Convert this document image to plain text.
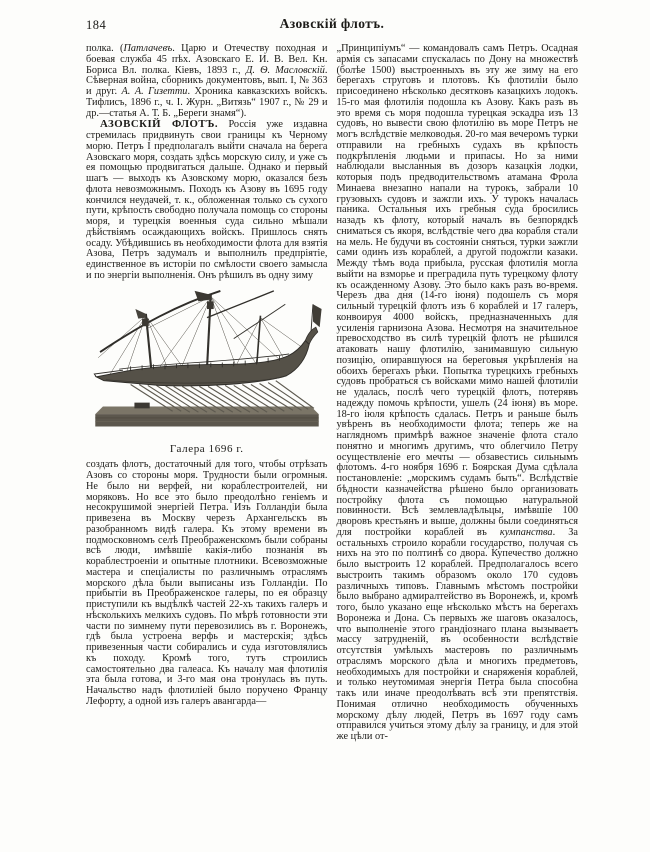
184	Азовскій флотъ.

полка. (Патлачевъ. Царю и Отечеству походная и боевая служба 45 пѣх. Азовскаго Е. И. В. Вел. Кн. Бориса Вл. полка. Кіевъ, 1893 г., Д. Ѳ. Масловскій. Сѣверная война, сборникъ документовъ, вып. I, № 363 и друг. А. А. Гизетти. Хроника кавказскихъ войскъ. Тифлисъ, 1896 г., ч. I. Журн. „Витязь“ 1907 г., № 29 и др.—статья А. Т. Б. „Береги знамя“).

АЗОВСКІЙ ФЛОТЪ. Россія уже издавна стремилась придвинуть свои границы къ Черному морю. Петръ I предполагалъ выйти сначала на берега Азовскаго моря, создать здѣсь морскую силу, и уже съ ея помощью продвигаться дальше. Однако и первый шагъ — выходъ къ Азовскому морю, оказался безъ флота невозможнымъ. Походъ къ Азову въ 1695 году кончился неудачей, т. к., обложенная только съ сухого пути, крѣпость свободно получала помощь со стороны моря, и турецкія военныя суда сильно мѣшали дѣйствіямъ осаждающихъ войскъ. Пришлось снять осаду. Убѣдившись въ необходимости флота для взятія Азова, Петръ задумалъ и выполнилъ предпріятіе, единственное въ исторіи по смѣлости своего замысла и по энергіи выполненія. Онъ рѣшилъ въ одну зиму

Галера 1696 г.

создать флотъ, достаточный для того, чтобы отрѣзать Азовъ со стороны моря. Трудности были огромныя. Не было ни верфей, ни кораблестроителей, ни моряковъ. Но все это было преодолѣно геніемъ и несокрушимой энергіей Петра. Изъ Голландіи была привезена въ Москву черезъ Архангельскъ въ разобранномъ видѣ галера. Къ этому времени въ подмосковномъ селѣ Преображенскомъ были собраны всѣ люди, имѣвшіе какія-либо познанія въ кораблестроеніи и опытные плотники. Всевозможные мастера и спеціалисты по различнымъ отраслямъ морского дѣла были выписаны изъ Голландіи. По прибытіи въ Преображенское галеры, по ея образцу приступили къ выдѣлкѣ частей 22-хъ такихъ галеръ и нѣсколькихъ мелкихъ судовъ. По мѣрѣ готовности эти части по зимнему пути перевозились въ г. Воронежъ, гдѣ была устроена верфь и мастерскія; здѣсь привезенныя части собирались и суда изготовлялись къ походу. Кромѣ того, тутъ строились самостоятельно два галеаса. Къ началу мая флотилія эта была готова, и 3-го мая она тронулась въ путь. Начальство надъ флотиліей было поручено Францу Лефорту, а одной изъ галеръ авангарда—

„Принципіумъ“ — командовалъ самъ Петръ. Осадная армія съ запасами спускалась по Дону на множествѣ (болѣе 1500) выстроенныхъ въ эту же зиму на его берегахъ струговъ и плотовъ. Къ флотиліи было присоединено нѣсколько десятковъ казацкихъ лодокъ. 15-го мая флотилія подошла къ Азову. Какъ разъ въ это время съ моря подошла турецкая эскадра изъ 13 судовъ, но вывести свою флотилію въ море Петръ не могъ вслѣдствіе мелководья. 20-го мая вечеромъ турки отправили на гребныхъ судахъ въ крѣпость подкрѣпленія людьми и припасы. Но за ними наблюдали высланныя въ дозоръ казацкія лодки, которыя подъ предводительствомъ атамана Фрола Минаева внезапно напали на турокъ, забрали 10 грузовыхъ судовъ и зажгли ихъ. У турокъ началась паника. Остальныя ихъ гребныя суда бросились назадъ къ флоту, который началъ въ безпорядкѣ сниматься съ якоря, вслѣдствіе чего два корабля стали на мель. Не будучи въ состояніи сняться, турки зажгли сами одинъ изъ кораблей, а другой подожгли казаки. Между тѣмъ вода прибыла, русская флотилія могла выйти на взморье и преградила путь турецкому флоту къ осажденному Азову. Это было какъ разъ во-время. Черезъ два дня (14-го іюня) подошелъ съ моря сильный турецкій флотъ изъ 6 кораблей и 17 галеръ, конвоируя 4000 войскъ, предназначенныхъ для усиленія гарнизона Азова. Несмотря на значительное превосходство въ силѣ турецкій флотъ не рѣшился атаковать нашу флотилію, занимавшую сильную позицію, опиравшуюся на береговыя укрѣпленія на обоихъ берегахъ рѣки. Попытка турецкихъ гребныхъ судовъ пробраться съ войсками мимо нашей флотиліи не удалась, послѣ чего турецкій флотъ, потерявъ надежду помочь крѣпости, ушелъ (24 іюня) въ море. 18-го іюля крѣпость сдалась. Петръ и раньше былъ увѣренъ въ необходимости флота; теперь же на наглядномъ примѣрѣ важное значеніе флота стало понятно и многимъ другимъ, что облегчило Петру осуществленіе его мечты — обзавестись сильнымъ флотомъ. 4-го ноября 1696 г. Боярская Дума сдѣлала постановленіе: „морскимъ судамъ быть“. Вслѣдствіе бѣдности казначейства рѣшено было организовать постройку флота съ помощью натуральной повинности. Всѣ землевладѣльцы, имѣвшіе 100 дворовъ крестьянъ и выше, должны были соединяться для постройки кораблей въ кумпанства. За остальныхъ строило корабли государство, получая съ нихъ на это по полтинѣ со двора. Купечество должно было выстроить 12 кораблей. Предполагалось всего выстроить такимъ образомъ около 170 судовъ различныхъ типовъ. Главнымъ мѣстомъ постройки было выбрано адмиралтейство въ Воронежѣ, и, кромѣ того, было указано еще нѣсколько мѣстъ на берегахъ Воронежа и Дона. Съ первыхъ же шаговъ оказалось, что выполненіе этого грандіознаго плана вызываетъ массу затрудненій, въ особенности вслѣдствіе отсутствія умѣлыхъ мастеровъ по различнымъ отраслямъ морского дѣла и многихъ предметовъ, необходимыхъ для постройки и снаряженія кораблей, и только неутомимая энергія Петра была способна такъ или иначе преодолѣвать всѣ эти препятствія. Понимая отлично необходимость обученныхъ морскому дѣлу людей, Петръ въ 1697 году самъ отправился учиться этому дѣлу за границу, и для этой же цѣли от-
